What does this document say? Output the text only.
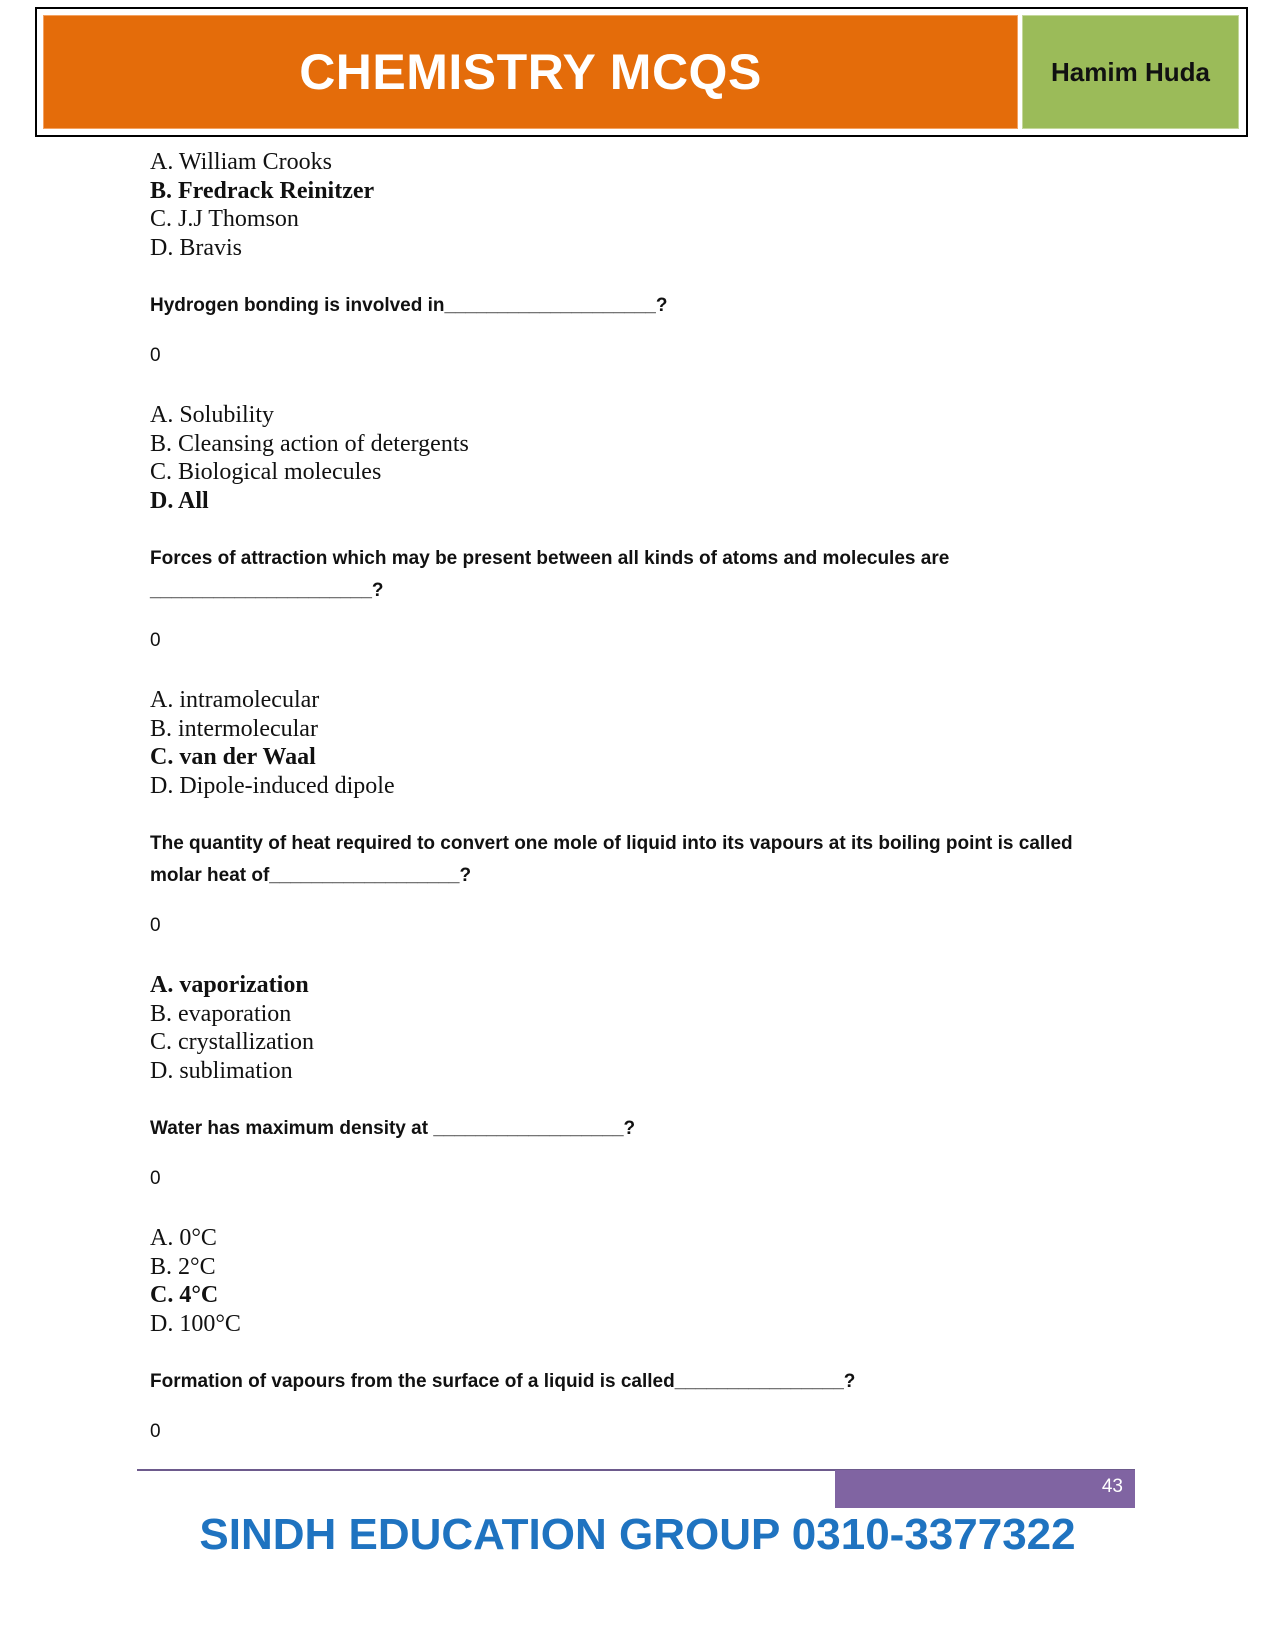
CHEMISTRY MCQS	Hamim Huda
A. William Crooks
B. Fredrack Reinitzer
C. J.J Thomson
D. Bravis
Hydrogen bonding is involved in____________________?
0
A. Solubility
B. Cleansing action of detergents
C. Biological molecules
D. All
Forces of attraction which may be present between all kinds of atoms and molecules are
_____________________?
0
A. intramolecular
B. intermolecular
C. van der Waal
D. Dipole-induced dipole
The quantity of heat required to convert one mole of liquid into its vapours at its boiling point is called
molar heat of__________________?
0
A. vaporization
B. evaporation
C. crystallization
D. sublimation
Water has maximum density at __________________?
0
A. 0°C
B. 2°C
C. 4°C
D. 100°C
Formation of vapours from the surface of a liquid is called________________?
0
43
SINDH EDUCATION GROUP 0310-3377322
